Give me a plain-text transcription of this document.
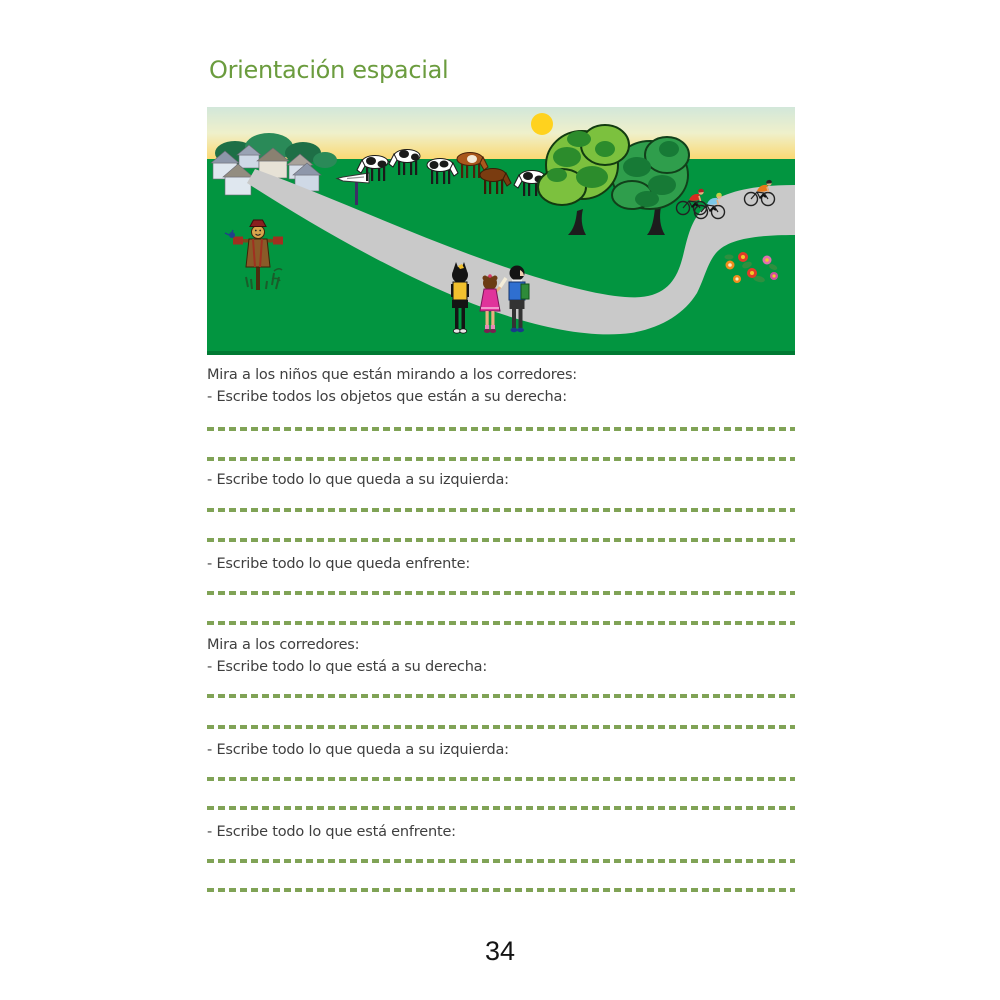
Orientación espacial
Mira a los niños que están mirando a los corredores:
- Escribe todos los objetos que están a su derecha:
- Escribe todo lo que queda a su izquierda:
- Escribe todo lo que queda enfrente:
Mira a los corredores:
- Escribe todo lo que está a su derecha:
- Escribe todo lo que queda a su izquierda:
- Escribe todo lo que está enfrente:
34
